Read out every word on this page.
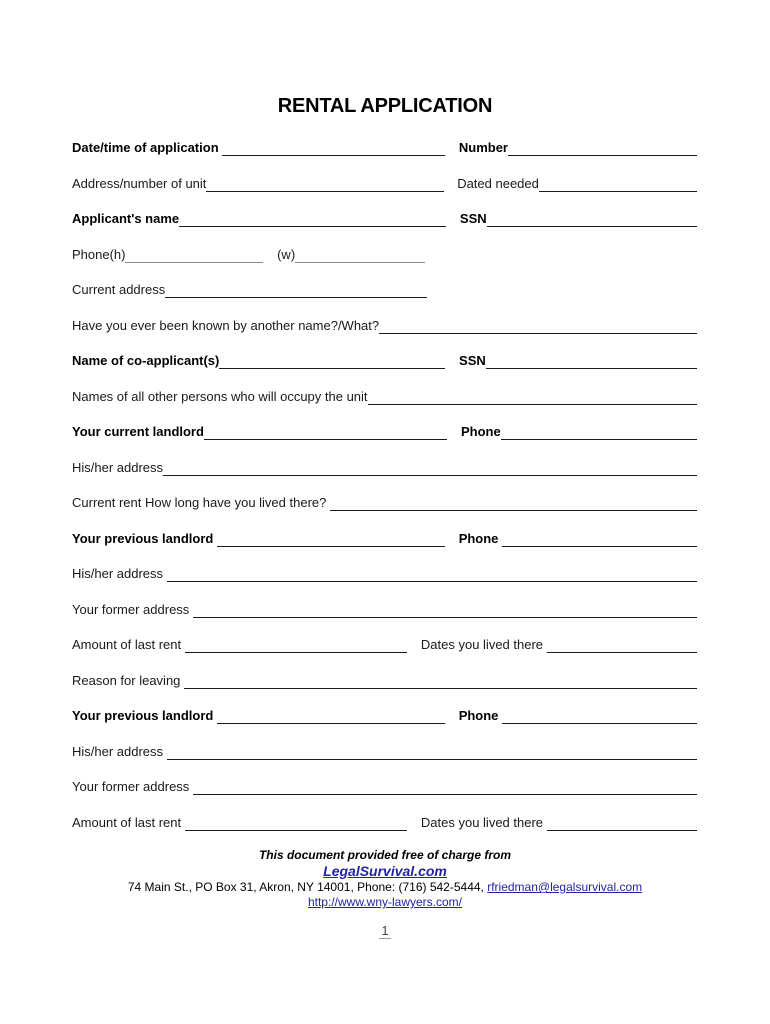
RENTAL APPLICATION
Date/time of application	Number
Address/number of unit	Dated needed
Applicant's name	SSN
Phone(h)	(w)
Current address
Have you ever been known by another name?/What?
Name of co-applicant(s)	SSN
Names of all other persons who will occupy the unit
Your current landlord	Phone
His/her address
Current rent How long have you lived there?
Your previous landlord	Phone
His/her address
Your former address
Amount of last rent	Dates you lived there
Reason for leaving
Your previous landlord	Phone
His/her address
Your former address
Amount of last rent	Dates you lived there
This document provided free of charge from
LegalSurvival.com
74 Main St., PO Box 31, Akron, NY 14001, Phone: (716) 542-5444, rfriedman@legalsurvival.com
http://www.wny-lawyers.com/
1
